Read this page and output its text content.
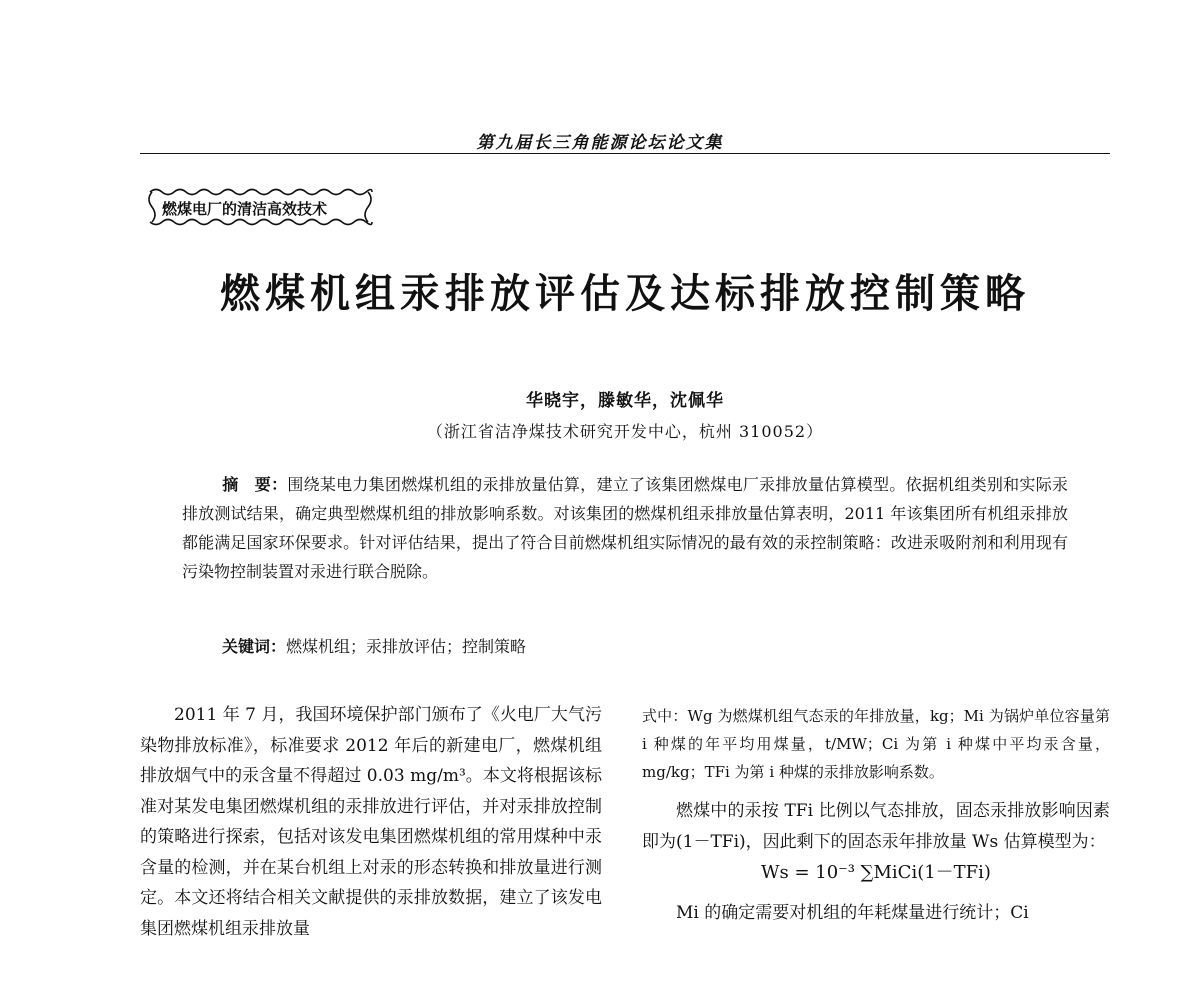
第九届长三角能源论坛论文集
燃煤电厂的清洁高效技术
燃煤机组汞排放评估及达标排放控制策略
华晓宇，滕敏华，沈佩华
（浙江省洁净煤技术研究开发中心，杭州 310052）
摘　要：围绕某电力集团燃煤机组的汞排放量估算，建立了该集团燃煤电厂汞排放量估算模型。依据机组类别和实际汞排放测试结果，确定典型燃煤机组的排放影响系数。对该集团的燃煤机组汞排放量估算表明，2011 年该集团所有机组汞排放都能满足国家环保要求。针对评估结果，提出了符合目前燃煤机组实际情况的最有效的汞控制策略：改进汞吸附剂和利用现有污染物控制装置对汞进行联合脱除。
关键词：燃煤机组；汞排放评估；控制策略

2011 年 7 月，我国环境保护部门颁布了《火电厂大气污染物排放标准》，标准要求 2012 年后的新建电厂，燃煤机组排放烟气中的汞含量不得超过 0.03 mg/m³。本文将根据该标准对某发电集团燃煤机组的汞排放进行评估，并对汞排放控制的策略进行探索，包括对该发电集团燃煤机组的常用煤种中汞含量的检测，并在某台机组上对汞的形态转换和排放量进行测定。本文还将结合相关文献提供的汞排放数据，建立了该发电集团燃煤机组汞排放量

式中：Wg 为燃煤机组气态汞的年排放量，kg；Mi 为锅炉单位容量第 i 种煤的年平均用煤量，t/MW；Ci 为第 i 种煤中平均汞含量，mg/kg；TFi 为第 i 种煤的汞排放影响系数。

燃煤中的汞按 TFi 比例以气态排放，固态汞排放影响因素即为(1－TFi)，因此剩下的固态汞年排放量 Ws 估算模型为：

Ws = 10⁻³ ∑MiCi(1－TFi)

Mi 的确定需要对机组的年耗煤量进行统计；Ci
